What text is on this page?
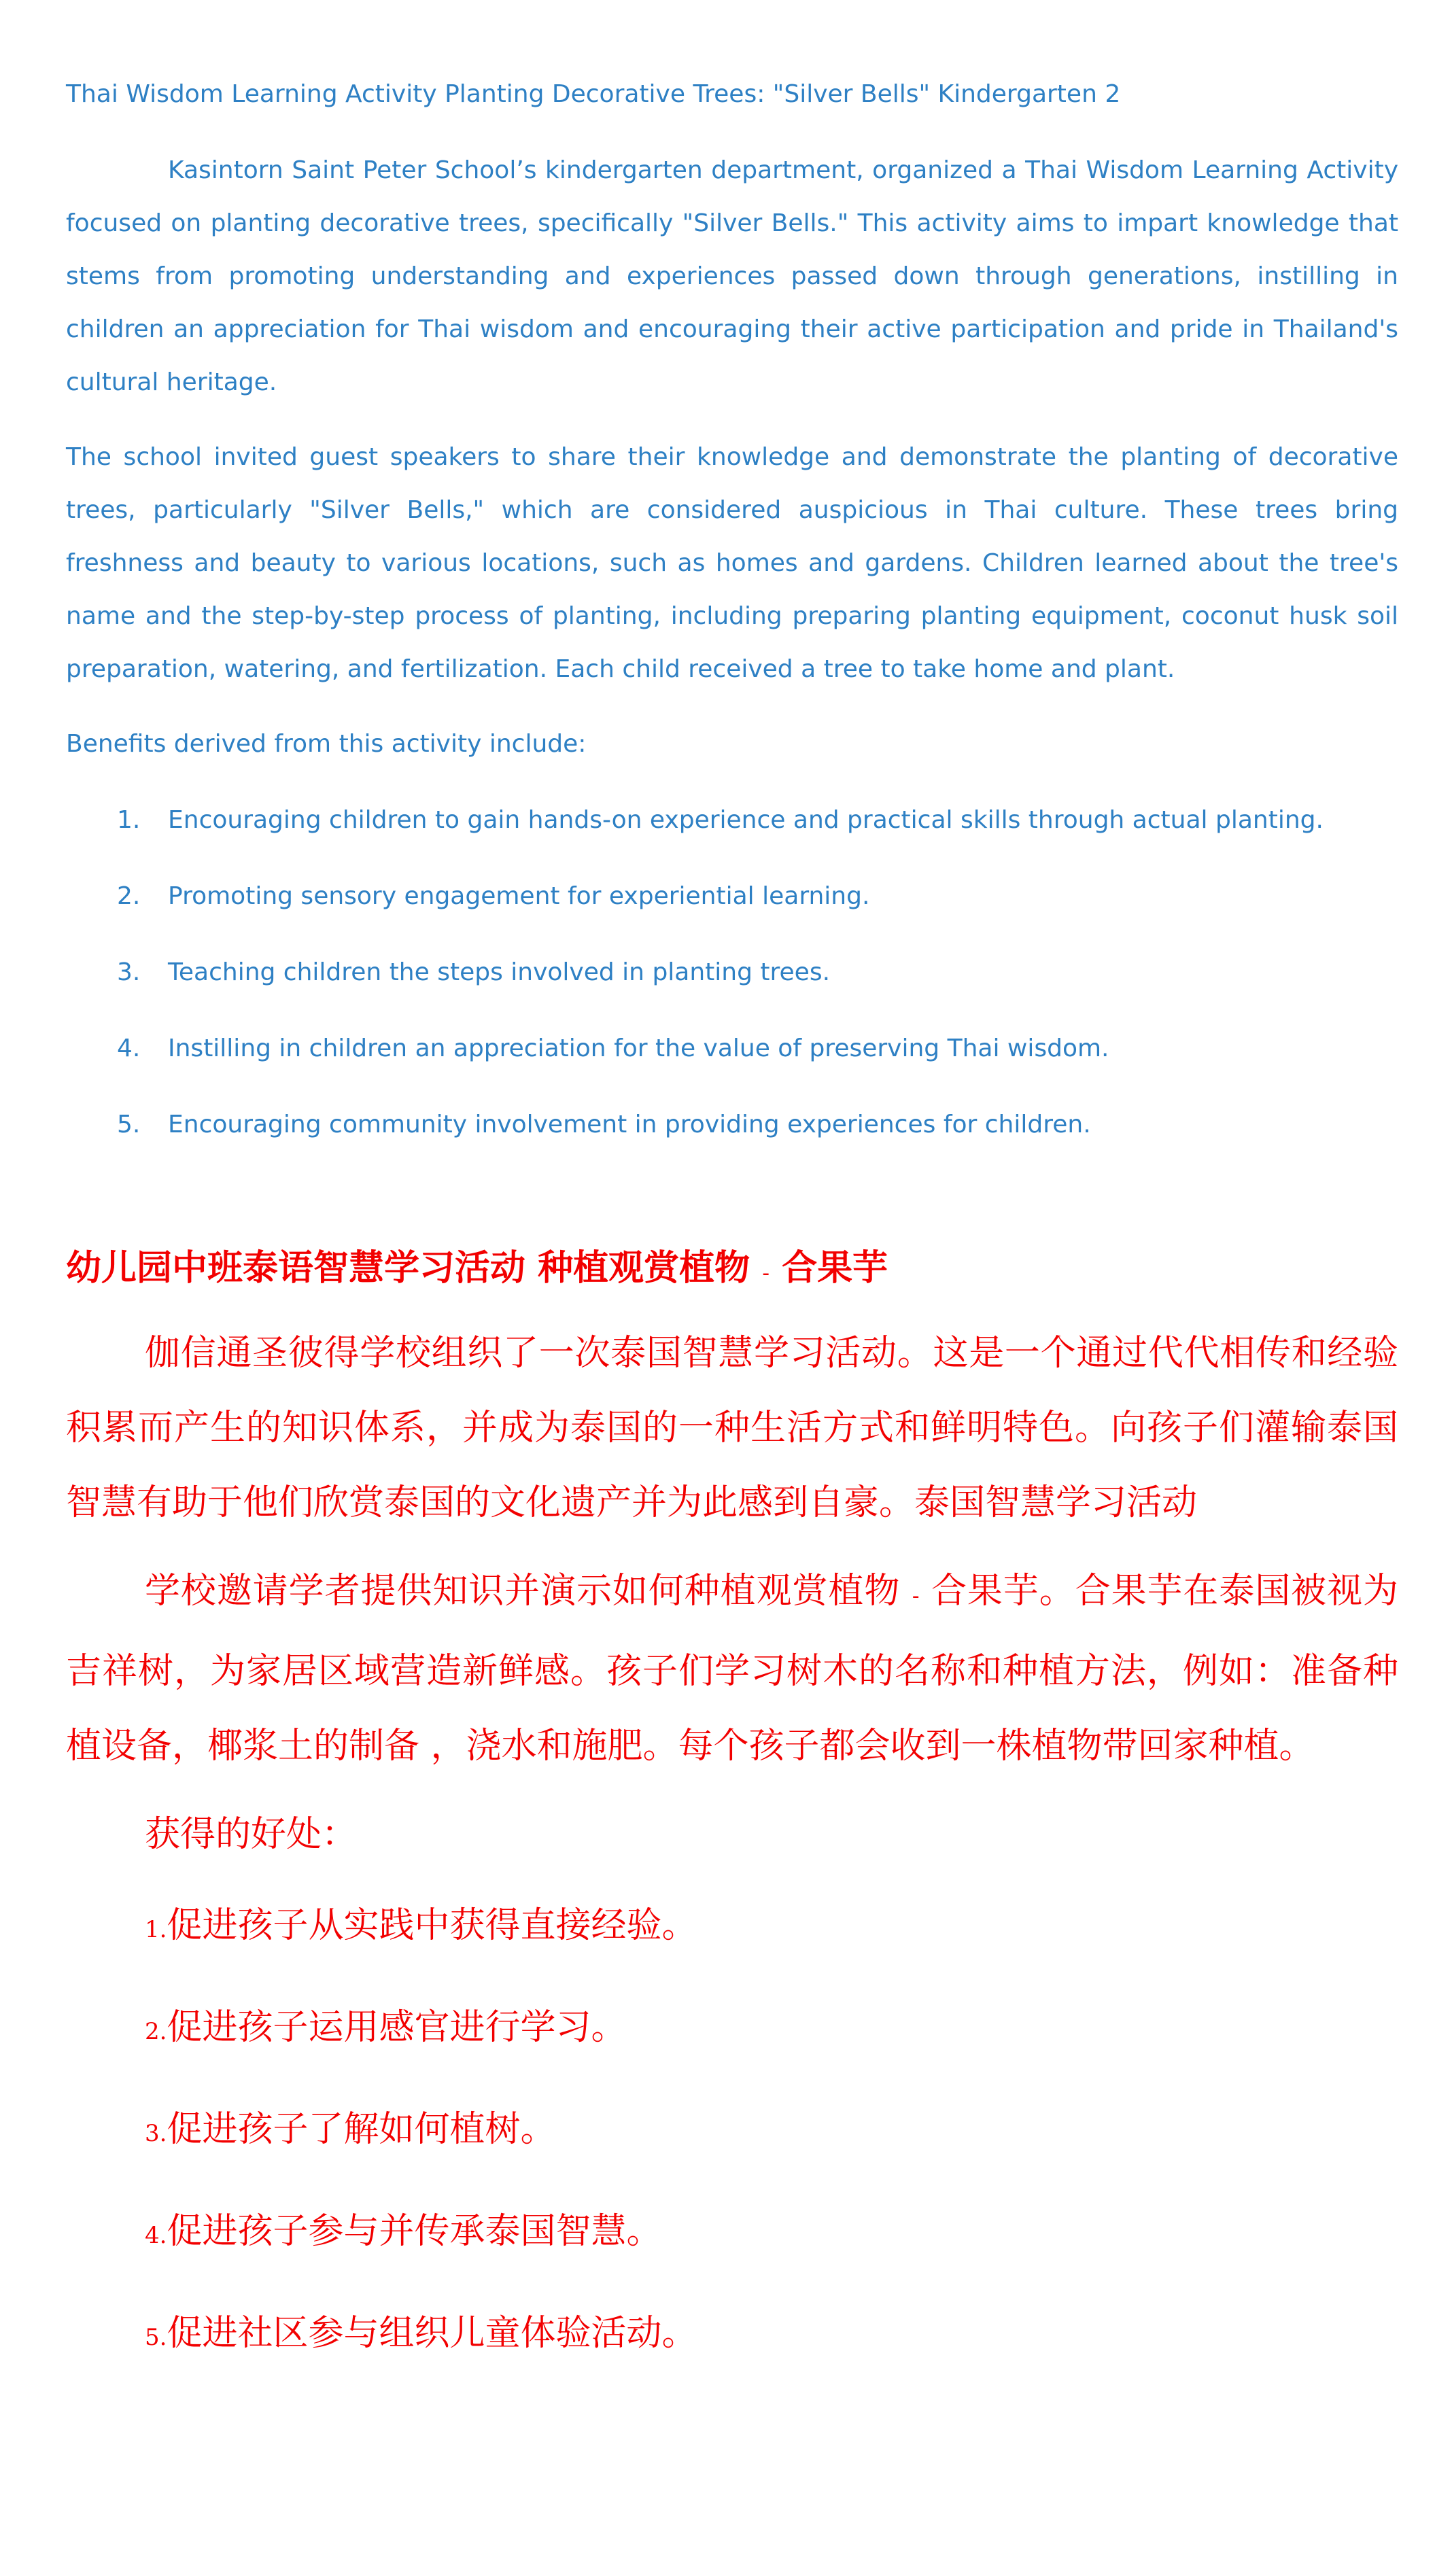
Thai Wisdom Learning Activity Planting Decorative Trees: "Silver Bells" Kindergarten 2

Kasintorn Saint Peter School’s kindergarten department, organized a Thai Wisdom Learning Activity focused on planting decorative trees, specifically "Silver Bells." This activity aims to impart knowledge that stems from promoting understanding and experiences passed down through generations, instilling in children an appreciation for Thai wisdom and encouraging their active participation and pride in Thailand's cultural heritage.

The school invited guest speakers to share their knowledge and demonstrate the planting of decorative trees, particularly "Silver Bells," which are considered auspicious in Thai culture. These trees bring freshness and beauty to various locations, such as homes and gardens. Children learned about the tree's name and the step-by-step process of planting, including preparing planting equipment, coconut husk soil preparation, watering, and fertilization. Each child received a tree to take home and plant.

Benefits derived from this activity include:

1. Encouraging children to gain hands-on experience and practical skills through actual planting.
2. Promoting sensory engagement for experiential learning.
3. Teaching children the steps involved in planting trees.
4. Instilling in children an appreciation for the value of preserving Thai wisdom.
5. Encouraging community involvement in providing experiences for children.
幼儿园中班泰语智慧学习活动 种植观赏植物 - 合果芋

伽信通圣彼得学校组织了一次泰国智慧学习活动。这是一个通过代代相传和经验积累而产生的知识体系，并成为泰国的一种生活方式和鲜明特色。向孩子们灌输泰国智慧有助于他们欣赏泰国的文化遗产并为此感到自豪。泰国智慧学习活动

学校邀请学者提供知识并演示如何种植观赏植物 - 合果芋。合果芋在泰国被视为吉祥树，为家居区域营造新鲜感。孩子们学习树木的名称和种植方法，例如：准备种植设备，椰浆土的制备 ，浇水和施肥。每个孩子都会收到一株植物带回家种植。

获得的好处：

1.促进孩子从实践中获得直接经验。
2.促进孩子运用感官进行学习。
3.促进孩子了解如何植树。
4.促进孩子参与并传承泰国智慧。
5.促进社区参与组织儿童体验活动。
